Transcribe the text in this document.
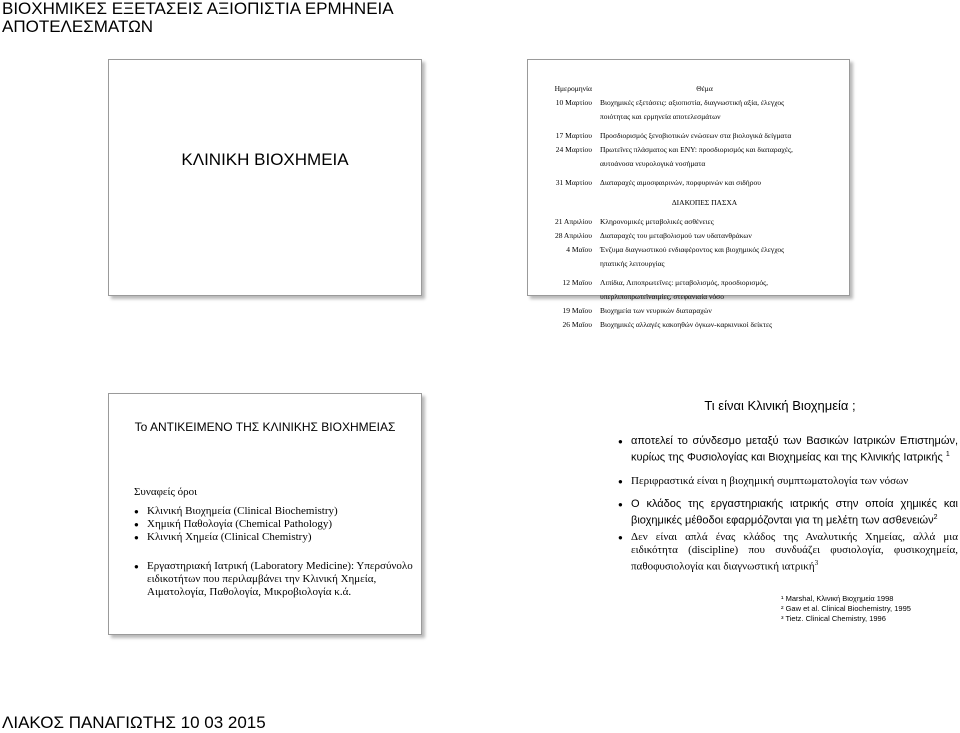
ΒΙΟΧΗΜΙΚΕΣ ΕΞΕΤΑΣΕΙΣ ΑΞΙΟΠΙΣΤΙΑ ΕΡΜΗΝΕΙΑ
ΑΠΟΤΕΛΕΣΜΑΤΩΝ
ΚΛΙΝΙΚΗ ΒΙΟΧΗΜΕΙΑ
Ημερομηνία	Θέμα
10 Μαρτίου	Βιοχημικές εξετάσεις: αξιοπιστία, διαγνωστική αξία, έλεγχος
ποιότητας και ερμηνεία αποτελεσμάτων
17 Μαρτίου	Προσδιορισμός ξενοβιοτικών ενώσεων στα βιολογικά δείγματα
24 Μαρτίου	Πρωτεΐνες πλάσματος και ΕΝΥ: προσδιορισμός και διαταραχές,
αυτοάνοσα νευρολογικά νοσήματα
31 Μαρτίου	Διαταραχές αιμοσφαιρινών, πορφυρινών και σιδήρου
ΔΙΑΚΟΠΕΣ ΠΑΣΧΑ
21 Απριλίου	Κληρονομικές μεταβολικές ασθένειες
28 Απριλίου	Διαταραχές του μεταβολισμού των υδατανθράκων
4 Μαΐου	Ένζυμα διαγνωστικού ενδιαφέροντος και βιοχημικός έλεγχος
ηπατικής λειτουργίας
12 Μαΐου	Λιπίδια, Λιποπρωτεΐνες: μεταβολισμός, προσδιορισμός,
υπερλιποπρωτεϊναιμίες, στεφανιαία νόσο
19 Μαΐου	Βιοχημεία των νευρικών διαταραχών
26 Μαΐου	Βιοχημικές αλλαγές κακοηθών όγκων-καρκινικοί δείκτες
Το ΑΝΤΙΚΕΙΜΕΝΟ ΤΗΣ ΚΛΙΝΙΚΗΣ ΒΙΟΧΗΜΕΙΑΣ
Συναφείς όροι
● Κλινική Βιοχημεία (Clinical Biochemistry)
● Χημική Παθολογία (Chemical Pathology)
● Κλινική Χημεία (Clinical Chemistry)
● Εργαστηριακή Ιατρική (Laboratory Medicine): Υπερσύνολο ειδικοτήτων που περιλαμβάνει την Κλινική Χημεία, Αιματολογία, Παθολογία, Μικροβιολογία κ.ά.
Τι είναι Κλινική Βιοχημεία ;
● αποτελεί το σύνδεσμο μεταξύ των Βασικών Ιατρικών Επιστημών, κυρίως της Φυσιολογίας και Βιοχημείας και της Κλινικής Ιατρικής $^1$
● Περιφραστικά είναι η βιοχημική συμπτωματολογία των νόσων
● Ο κλάδος της εργαστηριακής ιατρικής στην οποία χημικές και βιοχημικές μέθοδοι εφαρμόζονται για τη μελέτη των ασθενειών$^2$
● Δεν είναι απλά ένας κλάδος της Αναλυτικής Χημείας, αλλά μια ειδικότητα (discipline) που συνδυάζει φυσιολογία, φυσικοχημεία, παθοφυσιολογία και διαγνωστική ιατρική$^3$
¹ Marshal, Κλινική Βιοχημεία 1998
² Gaw et al. Clinical Biochemistry, 1995
³ Tietz. Clinical Chemistry, 1996
ΛΙΑΚΟΣ ΠΑΝΑΓΙΩΤΗΣ 10 03 2015
